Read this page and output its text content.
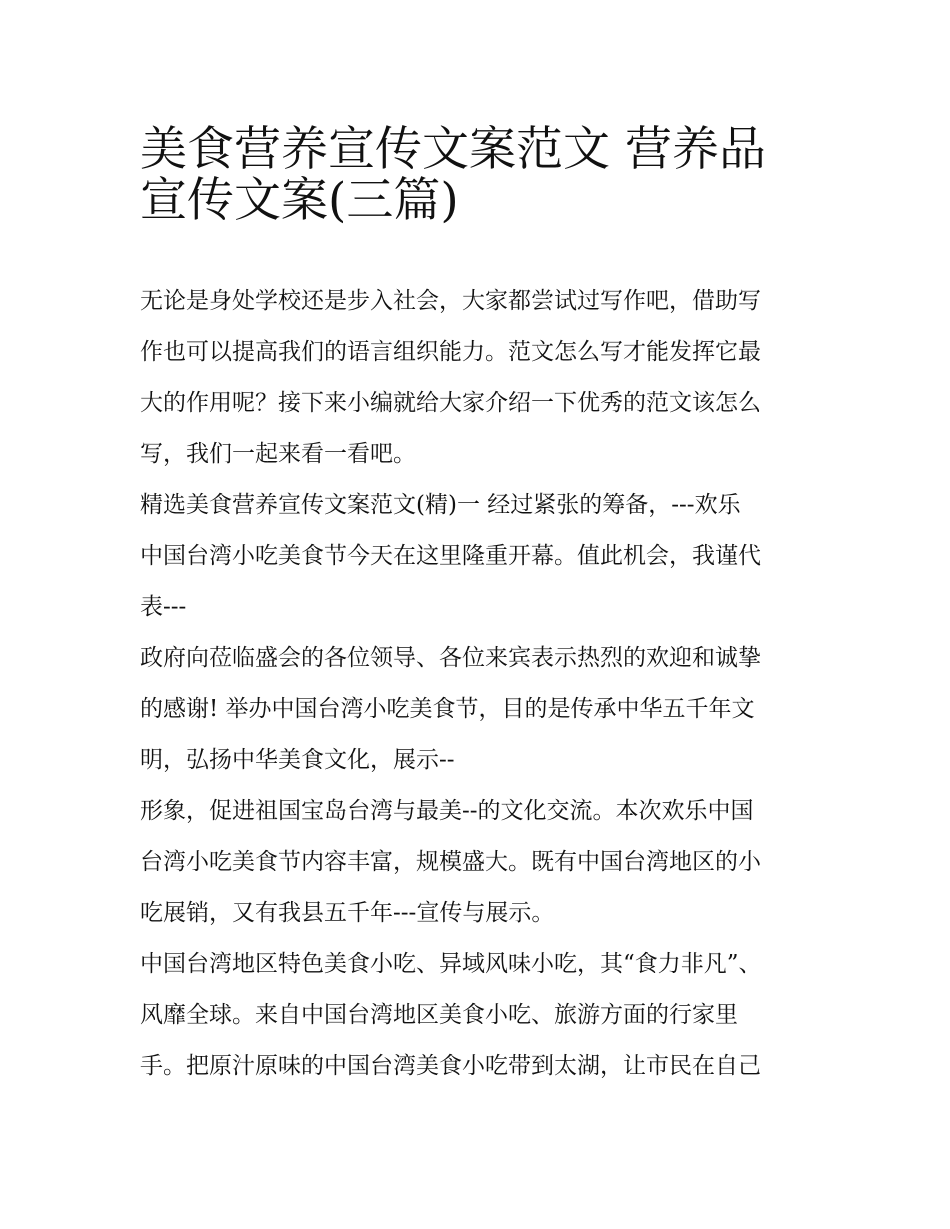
美食营养宣传文案范文 营养品
宣传文案(三篇)

无论是身处学校还是步入社会，大家都尝试过写作吧，借助写
作也可以提高我们的语言组织能力。范文怎么写才能发挥它最
大的作用呢？接下来小编就给大家介绍一下优秀的范文该怎么
写，我们一起来看一看吧。

精选美食营养宣传文案范文(精)一 经过紧张的筹备，---欢乐
中国台湾小吃美食节今天在这里隆重开幕。值此机会，我谨代
表---

政府向莅临盛会的各位领导、各位来宾表示热烈的欢迎和诚挚
的感谢! 举办中国台湾小吃美食节，目的是传承中华五千年文
明，弘扬中华美食文化，展示--

形象，促进祖国宝岛台湾与最美--的文化交流。本次欢乐中国
台湾小吃美食节内容丰富，规模盛大。既有中国台湾地区的小
吃展销，又有我县五千年---宣传与展示。

中国台湾地区特色美食小吃、异域风味小吃，其“食力非凡”、
风靡全球。来自中国台湾地区美食小吃、旅游方面的行家里
手。把原汁原味的中国台湾美食小吃带到太湖，让市民在自己
